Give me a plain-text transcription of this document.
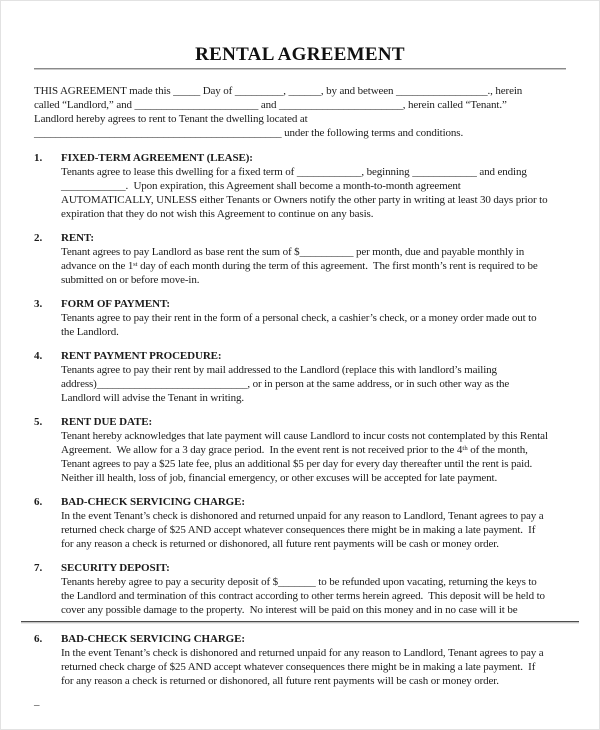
RENTAL AGREEMENT
THIS AGREEMENT made this _____ Day of _________, ______, by and between _________________., herein
called “Landlord,” and _______________________ and _______________________, herein called “Tenant.”
Landlord hereby agrees to rent to Tenant the dwelling located at
______________________________________________ under the following terms and conditions.
1.	FIXED-TERM AGREEMENT (LEASE):
Tenants agree to lease this dwelling for a fixed term of ____________, beginning ____________ and ending
____________.  Upon expiration, this Agreement shall become a month-to-month agreement
AUTOMATICALLY, UNLESS either Tenants or Owners notify the other party in writing at least 30 days prior to
expiration that they do not wish this Agreement to continue on any basis.
2.	RENT:
Tenant agrees to pay Landlord as base rent the sum of $__________ per month, due and payable monthly in
advance on the 1ˢᵗ day of each month during the term of this agreement.  The first month’s rent is required to be
submitted on or before move-in.
3.	FORM OF PAYMENT:
Tenants agree to pay their rent in the form of a personal check, a cashier’s check, or a money order made out to
the Landlord.
4.	RENT PAYMENT PROCEDURE:
Tenants agree to pay their rent by mail addressed to the Landlord (replace this with landlord’s mailing
address)____________________________, or in person at the same address, or in such other way as the
Landlord will advise the Tenant in writing.
5.	RENT DUE DATE:
Tenant hereby acknowledges that late payment will cause Landlord to incur costs not contemplated by this Rental
Agreement.  We allow for a 3 day grace period.  In the event rent is not received prior to the 4ᵗʰ of the month,
Tenant agrees to pay a $25 late fee, plus an additional $5 per day for every day thereafter until the rent is paid.
Neither ill health, loss of job, financial emergency, or other excuses will be accepted for late payment.
6.	BAD-CHECK SERVICING CHARGE:
In the event Tenant’s check is dishonored and returned unpaid for any reason to Landlord, Tenant agrees to pay a
returned check charge of $25 AND accept whatever consequences there might be in making a late payment.  If
for any reason a check is returned or dishonored, all future rent payments will be cash or money order.
7.	SECURITY DEPOSIT:
Tenants hereby agree to pay a security deposit of $_______ to be refunded upon vacating, returning the keys to
the Landlord and termination of this contract according to other terms herein agreed.  This deposit will be held to
cover any possible damage to the property.  No interest will be paid on this money and in no case will it be
6.	BAD-CHECK SERVICING CHARGE:
In the event Tenant’s check is dishonored and returned unpaid for any reason to Landlord, Tenant agrees to pay a
returned check charge of $25 AND accept whatever consequences there might be in making a late payment.  If
for any reason a check is returned or dishonored, all future rent payments will be cash or money order.
–
